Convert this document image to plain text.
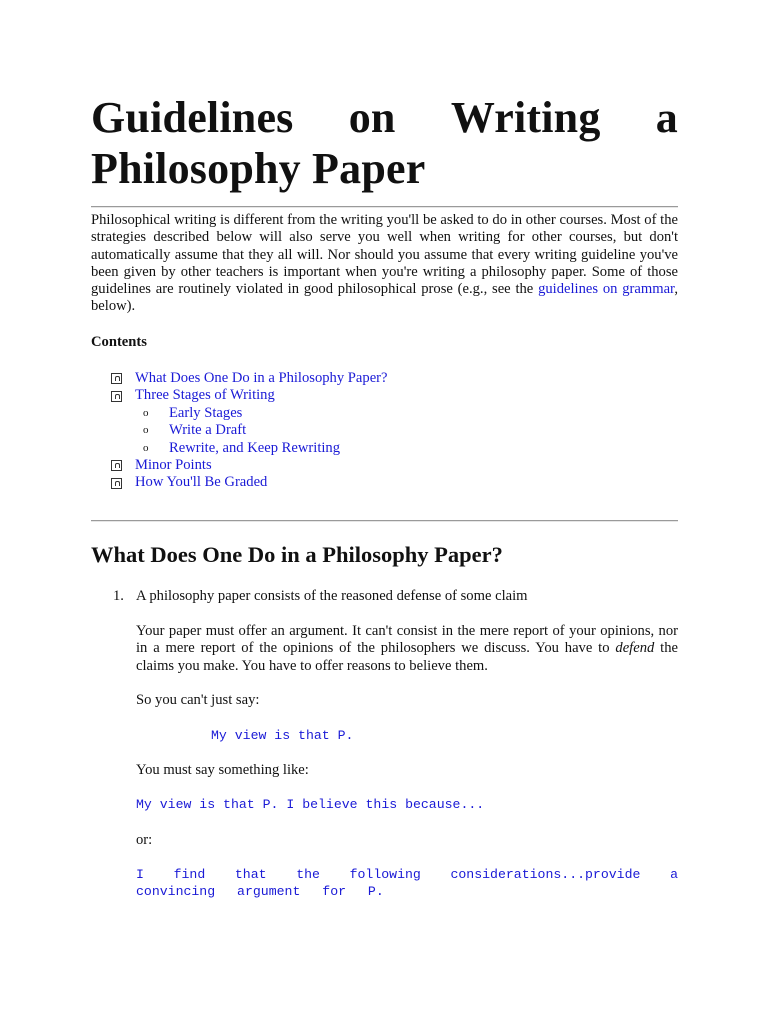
Guidelines on Writing a
Philosophy Paper

Philosophical writing is different from the writing you'll be asked to do in other courses. Most of the strategies described below will also serve you well when writing for other courses, but don't automatically assume that they all will. Nor should you assume that every writing guideline you've been given by other teachers is important when you're writing a philosophy paper. Some of those guidelines are routinely violated in good philosophical prose (e.g., see the guidelines on grammar, below).

Contents
What Does One Do in a Philosophy Paper?
Three Stages of Writing
o	Early Stages
o	Write a Draft
o	Rewrite, and Keep Rewriting
Minor Points
How You'll Be Graded
What Does One Do in a Philosophy Paper?
1. A philosophy paper consists of the reasoned defense of some claim

Your paper must offer an argument. It can't consist in the mere report of your opinions, nor in a mere report of the opinions of the philosophers we discuss. You have to defend the claims you make. You have to offer reasons to believe them.

So you can't just say:

My view is that P.

You must say something like:

My view is that P. I believe this because...

or:

I find that the following considerations...provide a convincing argument for P.
